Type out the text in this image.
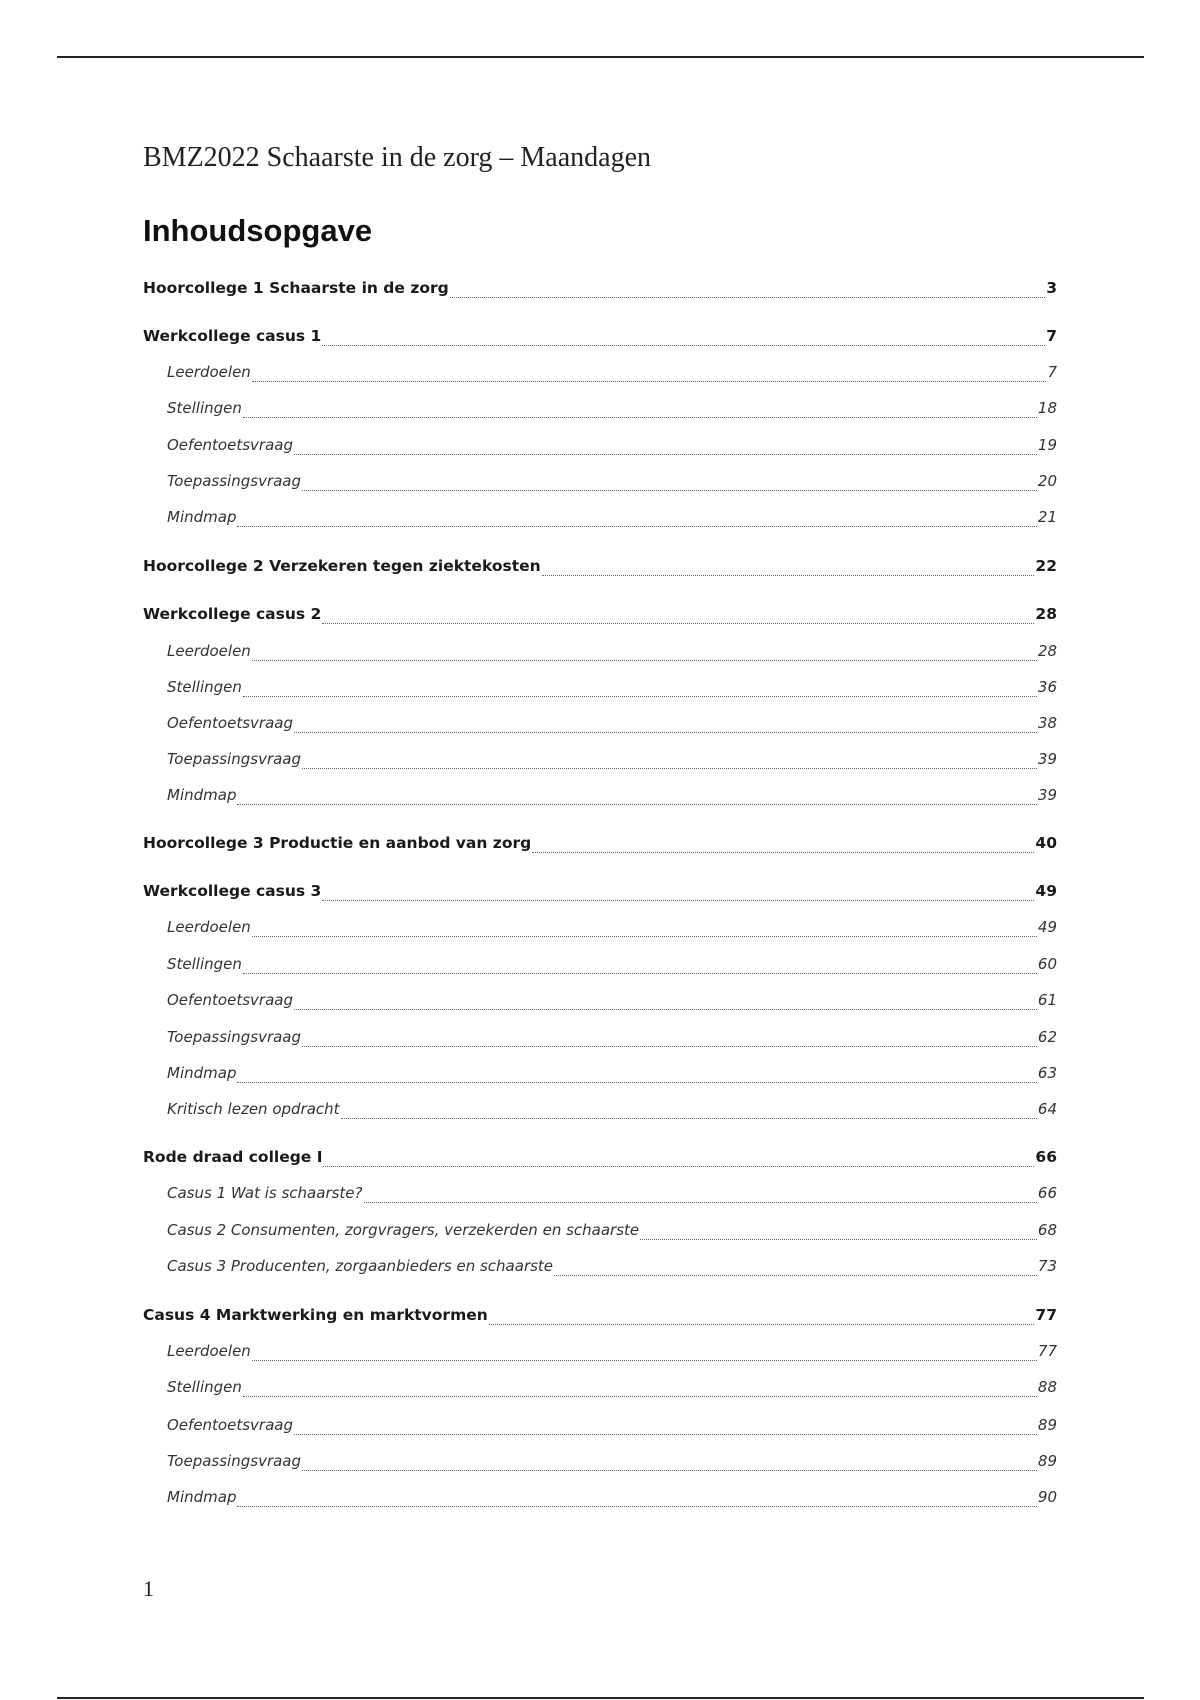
BMZ2022 Schaarste in de zorg – Maandagen
Inhoudsopgave
Hoorcollege 1 Schaarste in de zorg	3
Werkcollege casus 1	7
Leerdoelen	7
Stellingen	18
Oefentoetsvraag	19
Toepassingsvraag	20
Mindmap	21
Hoorcollege 2 Verzekeren tegen ziektekosten	22
Werkcollege casus 2	28
Leerdoelen	28
Stellingen	36
Oefentoetsvraag	38
Toepassingsvraag	39
Mindmap	39
Hoorcollege 3 Productie en aanbod van zorg	40
Werkcollege casus 3	49
Leerdoelen	49
Stellingen	60
Oefentoetsvraag	61
Toepassingsvraag	62
Mindmap	63
Kritisch lezen opdracht	64
Rode draad college I	66
Casus 1 Wat is schaarste?	66
Casus 2 Consumenten, zorgvragers, verzekerden en schaarste	68
Casus 3 Producenten, zorgaanbieders en schaarste	73
Casus 4 Marktwerking en marktvormen	77
Leerdoelen	77
Stellingen	88
Oefentoetsvraag	89
Toepassingsvraag	89
Mindmap	90
1
